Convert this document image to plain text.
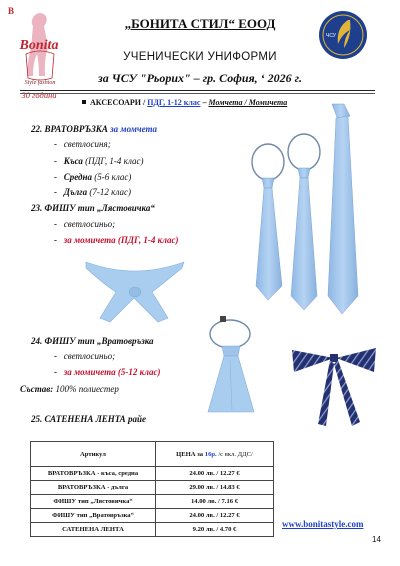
B
Bonita
Style fashion
30 години
ЧСУ
„БОНИТА СТИЛ“ ЕООД
УЧЕНИЧЕСКИ УНИФОРМИ
за ЧСУ "Рьорих" – гр. София, ‘ 2026 г.
АКСЕСОАРИ / ПДГ, 1-12 клас – Момчета / Момичета
22. ВРАТОВРЪЗКА за момчета
-   светлосиня;
-   Къса (ПДГ, 1-4 клас)
-   Средна (5-6 клас)
-   Дълга (7-12 клас)
23. ФИШУ тип „Лястовичка“
-   светлосиньо;
-   за момичета (ПДГ, 1-4 клас)
24. ФИШУ тип „Вратовръзка
-   светлосиньо;
-   за момичета (5-12 клас)
Състав: 100% полиестер
25. САТЕНЕНА ЛЕНТА райе
Артикул	ЦЕНА за 16р. /с вкл. ДДС/
ВРАТОВРЪЗКА - къса, средна	24.00 лв. / 12.27 €
ВРАТОВРЪЗКА - дълга	29.00 лв. / 14.83 €
ФИШУ тип „Лястовичка“	14.00 лв. / 7.16 €
ФИШУ тип „Вратовръзка“	24.00 лв. / 12.27 €
САТЕНЕНА ЛЕНТА	9.20 лв. / 4.70 €
www.bonitastyle.com
14
